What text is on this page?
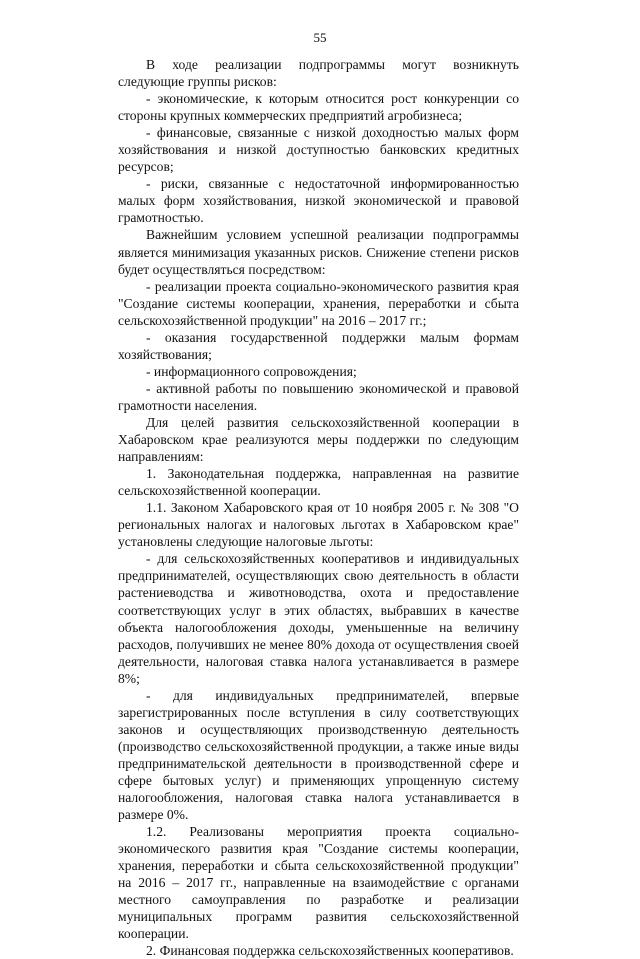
55

В ходе реализации подпрограммы могут возникнуть следующие группы рисков:

- экономические, к которым относится рост конкуренции со стороны крупных коммерческих предприятий агробизнеса;

- финансовые, связанные с низкой доходностью малых форм хозяйствования и низкой доступностью банковских кредитных ресурсов;

- риски, связанные с недостаточной информированностью малых форм хозяйствования, низкой экономической и правовой грамотностью.

Важнейшим условием успешной реализации подпрограммы является минимизация указанных рисков. Снижение степени рисков будет осуществляться посредством:

- реализации проекта социально-экономического развития края "Создание системы кооперации, хранения, переработки и сбыта сельскохозяйственной продукции" на 2016 – 2017 гг.;

- оказания государственной поддержки малым формам хозяйствования;

- информационного сопровождения;

- активной работы по повышению экономической и правовой грамотности населения.

Для целей развития сельскохозяйственной кооперации в Хабаровском крае реализуются меры поддержки по следующим направлениям:

1. Законодательная поддержка, направленная на развитие сельскохозяйственной кооперации.

1.1. Законом Хабаровского края от 10 ноября 2005 г. № 308 "О региональных налогах и налоговых льготах в Хабаровском крае" установлены следующие налоговые льготы:

- для сельскохозяйственных кооперативов и индивидуальных предпринимателей, осуществляющих свою деятельность в области растениеводства и животноводства, охота и предоставление соответствующих услуг в этих областях, выбравших в качестве объекта налогообложения доходы, уменьшенные на величину расходов, получивших не менее 80% дохода от осуществления своей деятельности, налоговая ставка налога устанавливается в размере 8%;

- для индивидуальных предпринимателей, впервые зарегистрированных после вступления в силу соответствующих законов и осуществляющих производственную деятельность (производство сельскохозяйственной продукции, а также иные виды предпринимательской деятельности в производственной сфере и сфере бытовых услуг) и применяющих упрощенную систему налогообложения, налоговая ставка налога устанавливается в размере 0%.

1.2. Реализованы мероприятия проекта социально-экономического развития края "Создание системы кооперации, хранения, переработки и сбыта сельскохозяйственной продукции" на 2016 – 2017 гг., направленные на взаимодействие с органами местного самоуправления по разработке и реализации муниципальных программ развития сельскохозяйственной кооперации.

2. Финансовая поддержка сельскохозяйственных кооперативов.
